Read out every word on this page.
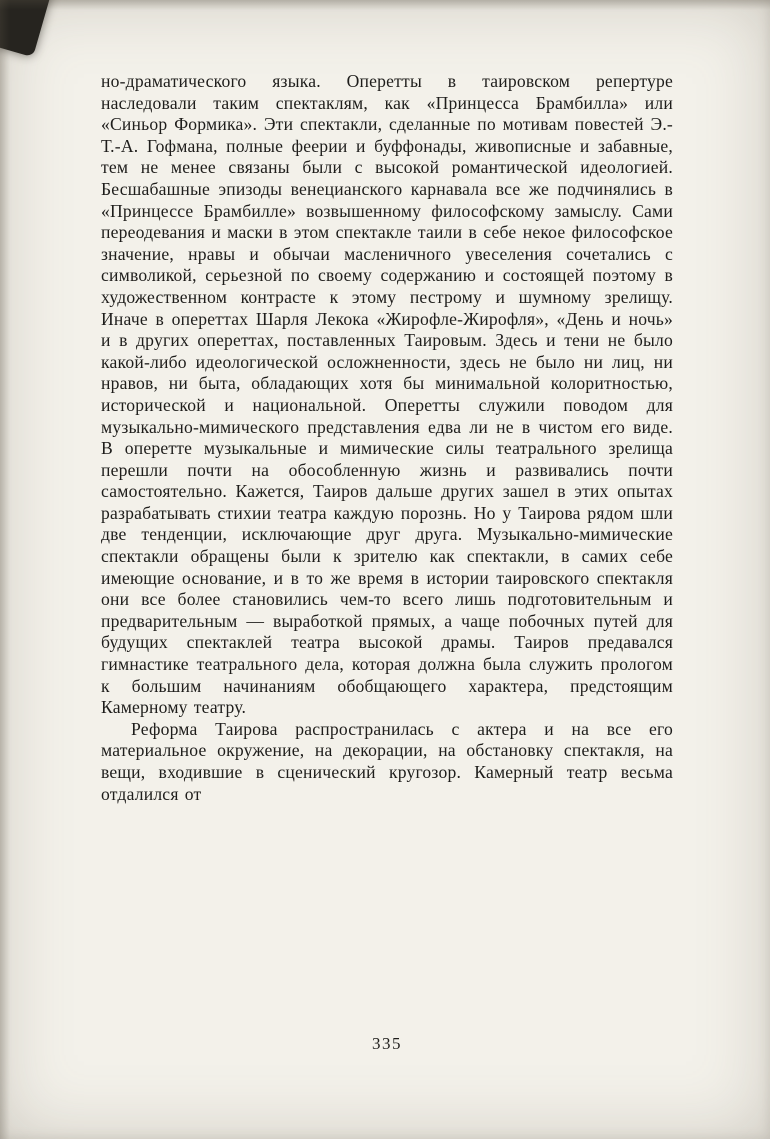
но-драматического языка. Оперетты в таировском репертуре наследовали таким спектаклям, как «Принцесса Брамбилла» или «Синьор Формика». Эти спектакли, сделанные по мотивам повестей Э.-Т.-А. Гофмана, полные феерии и буффонады, живописные и забавные, тем не менее связаны были с высокой романтической идеологией. Бесшабашные эпизоды венецианского карнавала все же подчинялись в «Принцессе Брамбилле» возвышенному философскому замыслу. Сами переодевания и маски в этом спектакле таили в себе некое философское значение, нравы и обычаи масленичного увеселения сочетались с символикой, серьезной по своему содержанию и состоящей поэтому в художественном контрасте к этому пестрому и шумному зрелищу. Иначе в опереттах Шарля Лекока «Жирофле-Жирофля», «День и ночь» и в других опереттах, поставленных Таировым. Здесь и тени не было какой-либо идеологической осложненности, здесь не было ни лиц, ни нравов, ни быта, обладающих хотя бы минимальной колоритностью, исторической и национальной. Оперетты служили поводом для музыкально-мимического представления едва ли не в чистом его виде. В оперетте музыкальные и мимические силы театрального зрелища перешли почти на обособленную жизнь и развивались почти самостоятельно. Кажется, Таиров дальше других зашел в этих опытах разрабатывать стихии театра каждую порознь. Но у Таирова рядом шли две тенденции, исключающие друг друга. Музыкально-мимические спектакли обращены были к зрителю как спектакли, в самих себе имеющие основание, и в то же время в истории таировского спектакля они все более становились чем-то всего лишь подготовительным и предварительным — выработкой прямых, а чаще побочных путей для будущих спектаклей театра высокой драмы. Таиров предавался гимнастике театрального дела, которая должна была служить прологом к большим начинаниям обобщающего характера, предстоящим Камерному театру.

Реформа Таирова распространилась с актера и на все его материальное окружение, на декорации, на обстановку спектакля, на вещи, входившие в сценический кругозор. Камерный театр весьма отдалился от

335
